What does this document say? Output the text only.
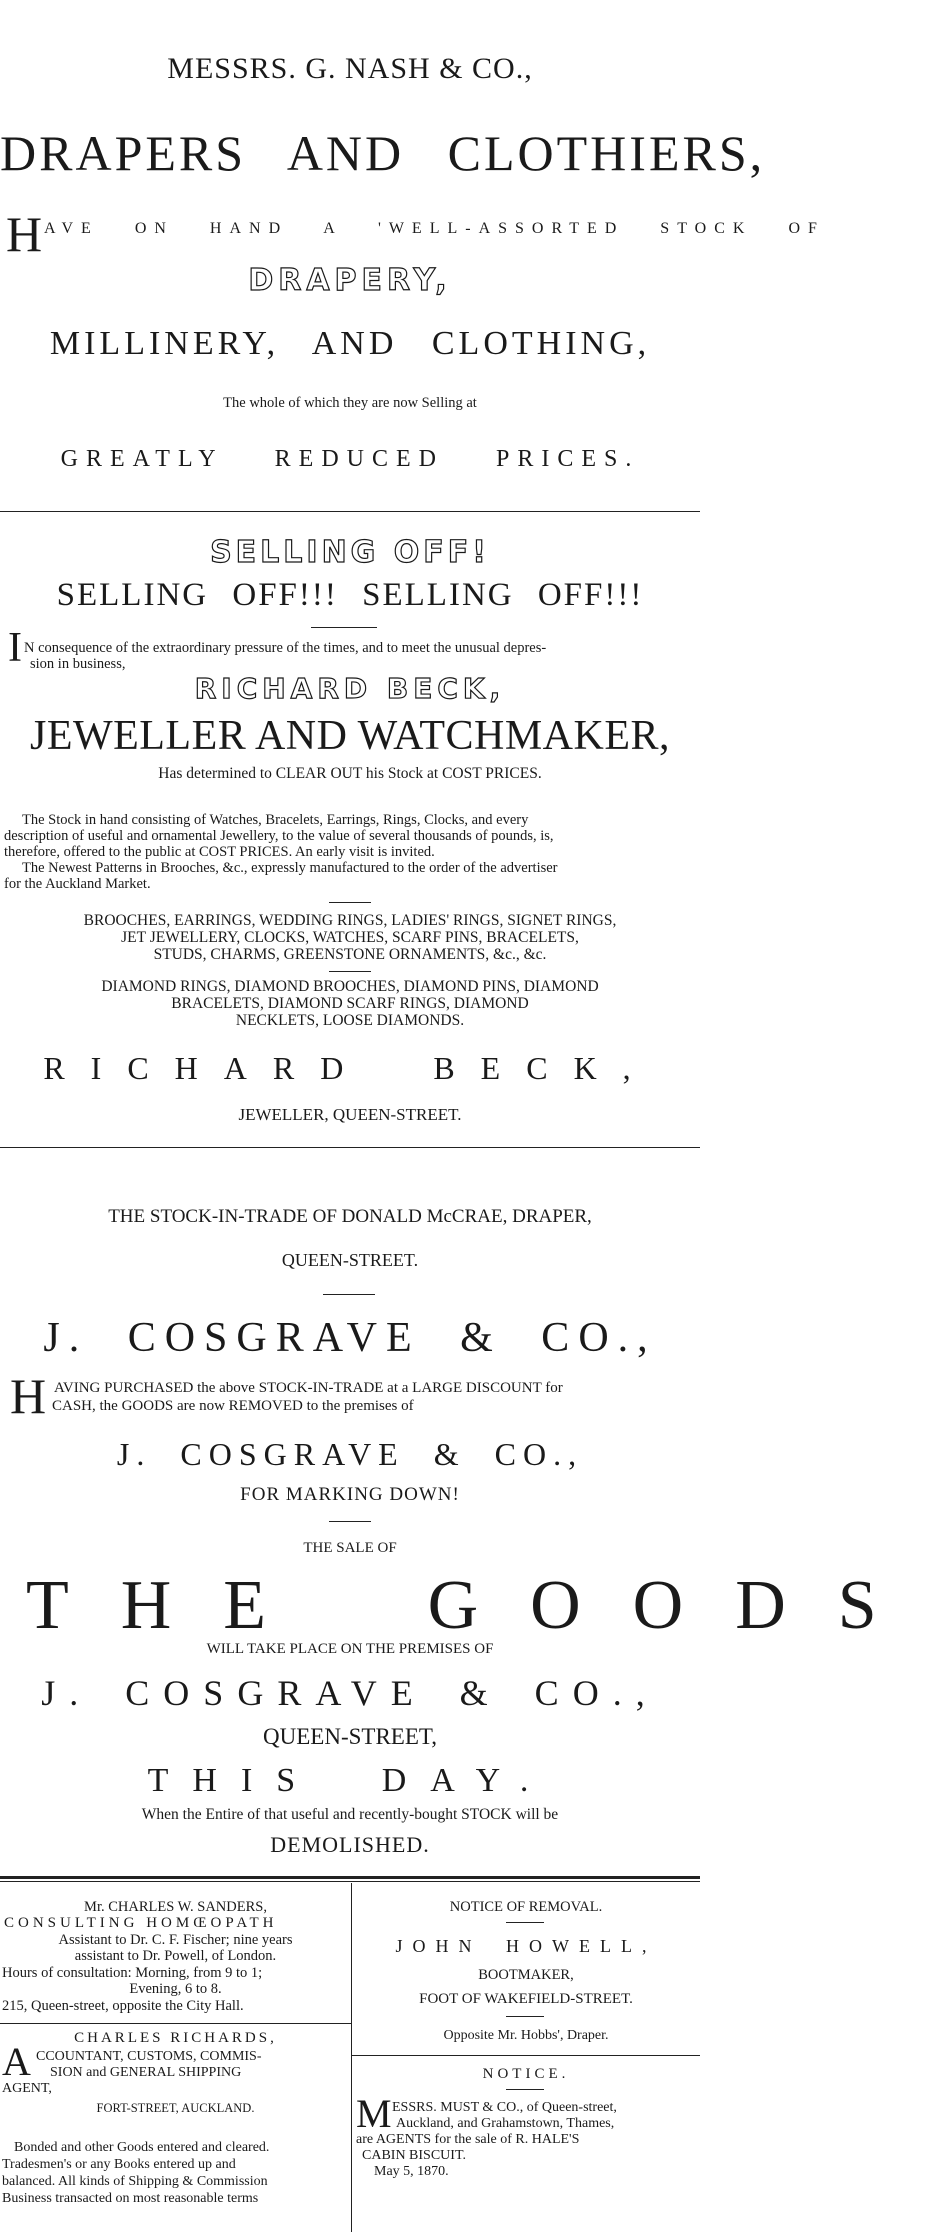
MESSRS. G. NASH & CO.,
DRAPERS AND CLOTHIERS,
H AVE ON HAND A 'WELL-ASSORTED STOCK OF
DRAPERY,
MILLINERY, AND CLOTHING,
The whole of which they are now Selling at
GREATLY REDUCED PRICES.
SELLING OFF!
SELLING OFF!!! SELLING OFF!!!
I N consequence of the extraordinary pressure of the times, and to meet the unusual depres-
sion in business,
RICHARD BECK,
JEWELLER AND WATCHMAKER,
Has determined to CLEAR OUT his Stock at COST PRICES.
The Stock in hand consisting of Watches, Bracelets, Earrings, Rings, Clocks, and every
description of useful and ornamental Jewellery, to the value of several thousands of pounds, is,
therefore, offered to the public at COST PRICES. An early visit is invited.
The Newest Patterns in Brooches, &c., expressly manufactured to the order of the advertiser
for the Auckland Market.
BROOCHES, EARRINGS, WEDDING RINGS, LADIES' RINGS, SIGNET RINGS,
JET JEWELLERY, CLOCKS, WATCHES, SCARF PINS, BRACELETS,
STUDS, CHARMS, GREENSTONE ORNAMENTS, &c., &c.
DIAMOND RINGS, DIAMOND BROOCHES, DIAMOND PINS, DIAMOND
BRACELETS, DIAMOND SCARF RINGS, DIAMOND
NECKLETS, LOOSE DIAMONDS.
RICHARD BECK,
JEWELLER, QUEEN-STREET.
THE STOCK-IN-TRADE OF DONALD McCRAE, DRAPER,
QUEEN-STREET.
J. COSGRAVE & CO.,
H AVING PURCHASED the above STOCK-IN-TRADE at a LARGE DISCOUNT for
CASH, the GOODS are now REMOVED to the premises of
J. COSGRAVE & CO.,
FOR MARKING DOWN!
THE SALE OF
THE GOODS
WILL TAKE PLACE ON THE PREMISES OF
J. COSGRAVE & CO.,
QUEEN-STREET,
THIS DAY.
When the Entire of that useful and recently-bought STOCK will be
DEMOLISHED.
Mr. CHARLES W. SANDERS,
CONSULTING HOMŒOPATH
Assistant to Dr. C. F. Fischer; nine years
assistant to Dr. Powell, of London.
Hours of consultation: Morning, from 9 to 1;
Evening, 6 to 8.
215, Queen-street, opposite the City Hall.
CHARLES RICHARDS,
A CCOUNTANT, CUSTOMS, COMMIS-
SION and GENERAL SHIPPING
AGENT,
FORT-STREET, AUCKLAND.
Bonded and other Goods entered and cleared.
Tradesmen's or any Books entered up and
balanced. All kinds of Shipping & Commission
Business transacted on most reasonable terms
NOTICE OF REMOVAL.
JOHN HOWELL,
BOOTMAKER,
FOOT OF WAKEFIELD-STREET.
Opposite Mr. Hobbs', Draper.
NOTICE.
M ESSRS. MUST & CO., of Queen-street,
Auckland, and Grahamstown, Thames,
are AGENTS for the sale of R. HALE'S
CABIN BISCUIT.
May 5, 1870.
